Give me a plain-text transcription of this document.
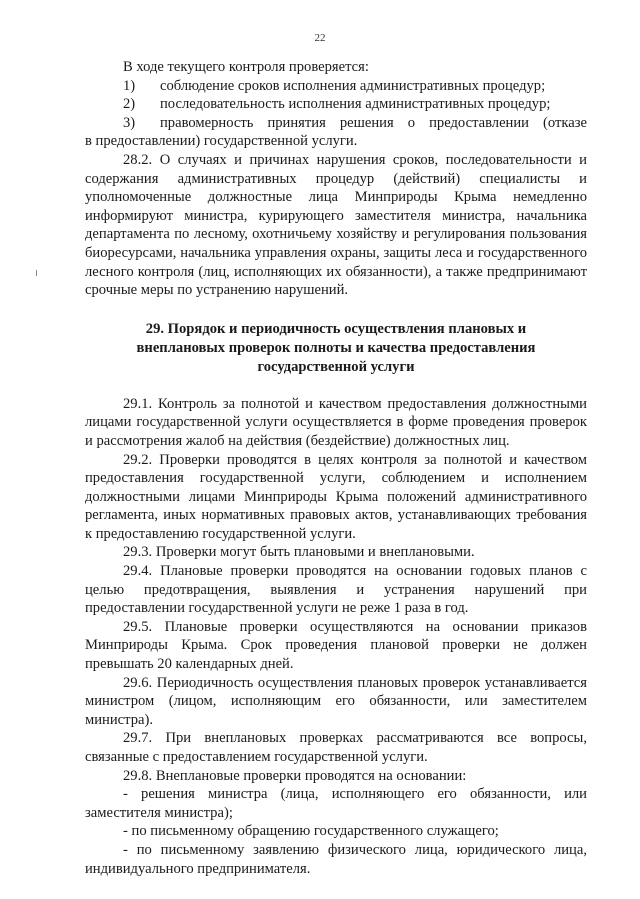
22

В ходе текущего контроля проверяется:

1)	соблюдение сроков исполнения административных процедур;
2)	последовательность исполнения административных процедур;
3)	правомерность принятия решения о предоставлении (отказе

в предоставлении) государственной услуги.

28.2. О случаях и причинах нарушения сроков, последовательности и содержания административных процедур (действий) специалисты и уполномоченные должностные лица Минприроды Крыма немедленно информируют министра, курирующего заместителя министра, начальника департамента по лесному, охотничьему хозяйству и регулирования пользования биоресурсами, начальника управления охраны, защиты леса и государственного лесного контроля (лиц, исполняющих их обязанности), а также предпринимают срочные меры по устранению нарушений.

29. Порядок и периодичность осуществления плановых и внеплановых проверок полноты и качества предоставления государственной услуги

29.1. Контроль за полнотой и качеством предоставления должностными лицами государственной услуги осуществляется в форме проведения проверок и рассмотрения жалоб на действия (бездействие) должностных лиц.

29.2. Проверки проводятся в целях контроля за полнотой и качеством предоставления государственной услуги, соблюдением и исполнением должностными лицами Минприроды Крыма положений административного регламента, иных нормативных правовых актов, устанавливающих требования к предоставлению государственной услуги.

29.3. Проверки могут быть плановыми и внеплановыми.

29.4. Плановые проверки проводятся на основании годовых планов с целью предотвращения, выявления и устранения нарушений при предоставлении государственной услуги не реже 1 раза в год.

29.5. Плановые проверки осуществляются на основании приказов Минприроды Крыма. Срок проведения плановой проверки не должен превышать 20 календарных дней.

29.6. Периодичность осуществления плановых проверок устанавливается министром (лицом, исполняющим его обязанности, или заместителем министра).

29.7. При внеплановых проверках рассматриваются все вопросы, связанные с предоставлением государственной услуги.

29.8. Внеплановые проверки проводятся на основании:

- решения министра (лица, исполняющего его обязанности, или заместителя министра);

- по письменному обращению государственного служащего;

- по письменному заявлению физического лица, юридического лица, индивидуального предпринимателя.
